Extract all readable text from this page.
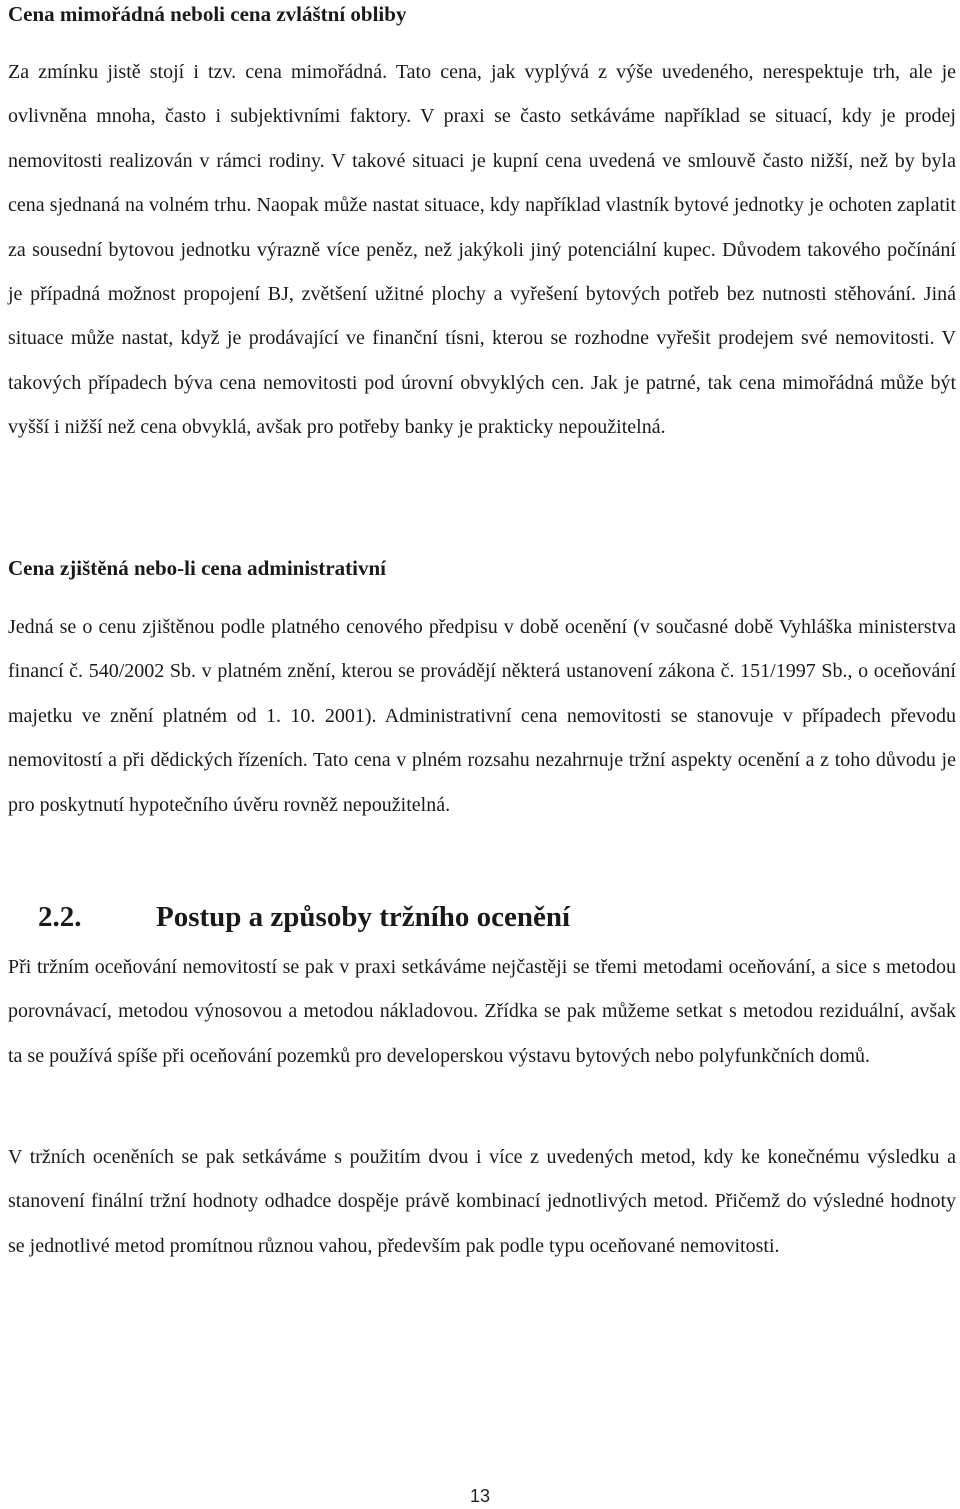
Cena mimořádná neboli cena zvláštní obliby

Za zmínku jistě stojí i tzv. cena mimořádná. Tato cena, jak vyplývá z výše uvedeného, nerespektuje trh, ale je ovlivněna mnoha, často i subjektivními faktory. V praxi se často setkáváme například se situací, kdy je prodej nemovitosti realizován v rámci rodiny. V takové situaci je kupní cena uvedená ve smlouvě často nižší, než by byla cena sjednaná na volném trhu. Naopak může nastat situace, kdy například vlastník bytové jednotky je ochoten zaplatit za sousední bytovou jednotku výrazně více peněz, než jakýkoli jiný potenciální kupec. Důvodem takového počínání je případná možnost propojení BJ, zvětšení užitné plochy a vyřešení bytových potřeb bez nutnosti stěhování. Jiná situace může nastat, když je prodávající ve finanční tísni, kterou se rozhodne vyřešit prodejem své nemovitosti. V takových případech býva cena nemovitosti pod úrovní obvyklých cen. Jak je patrné, tak cena mimořádná může být vyšší i nižší než cena obvyklá, avšak pro potřeby banky je prakticky nepoužitelná.

Cena zjištěná nebo-li cena administrativní

Jedná se o cenu zjištěnou podle platného cenového předpisu v době ocenění (v současné době Vyhláška ministerstva financí č. 540/2002 Sb. v platném znění, kterou se provádějí některá ustanovení zákona č. 151/1997 Sb., o oceňování majetku ve znění platném od 1. 10. 2001). Administrativní cena nemovitosti se stanovuje v případech převodu nemovitostí a při dědických řízeních. Tato cena v plném rozsahu nezahrnuje tržní aspekty ocenění a z toho důvodu je pro poskytnutí hypotečního úvěru rovněž nepoužitelná.

2.2.	Postup a způsoby tržního ocenění

Při tržním oceňování nemovitostí se pak v praxi setkáváme nejčastěji se třemi metodami oceňování, a sice s metodou porovnávací, metodou výnosovou a metodou nákladovou. Zřídka se pak můžeme setkat s metodou reziduální, avšak ta se používá spíše při oceňování pozemků pro developerskou výstavu bytových nebo polyfunkčních domů.

V tržních oceněních se pak setkáváme s použitím dvou i více z uvedených metod, kdy ke konečnému výsledku a stanovení finální tržní hodnoty odhadce dospěje právě kombinací jednotlivých metod. Přičemž do výsledné hodnoty se jednotlivé metod promítnou různou vahou, především pak podle typu oceňované nemovitosti.

13
